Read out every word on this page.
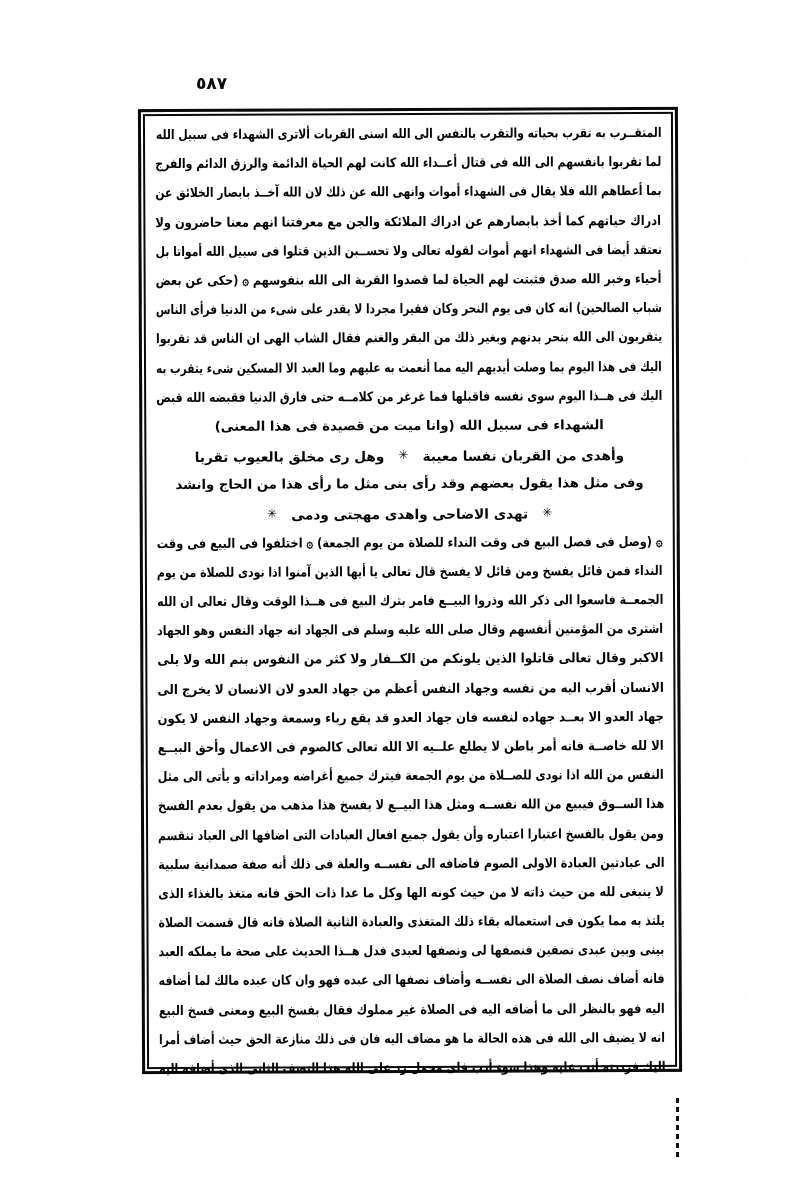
٥٨٧
المتقــرب به تقرب بحياته والتقرب بالنفس الى الله اسنى القربات ألاترى الشهداء فى سبيل الله
لما تقربوا بانفسهم الى الله فى قتال أعــداء الله كانت لهم الحياة الدائمة والرزق الدائم والفرج
بما أعطاهم الله فلا يقال فى الشهداء أموات وانهى الله عن ذلك لان الله آخــذ بابصار الخلائق عن
ادراك حياتهم كما أخذ بابصارهم عن ادراك الملائكة والجن مع معرفتنا انهم معنا حاضرون ولا
نعتقد أيضا فى الشهداء انهم أموات لقوله تعالى ولا تحســبن الذين قتلوا فى سبيل الله أمواتا بل
أحياء وخبر الله صدق فثبتت لهم الحياة لما قصدوا القربة الى الله بنفوسهم ۞ (حكى عن بعض
شباب الصالحين) انه كان فى يوم النحر وكان فقيرا مجردا لا يقدر على شىء من الدنيا فرأى الناس
يتقربون الى الله بنحر بدنهم وبغير ذلك من البقر والغنم فقال الشاب الهى ان الناس قد تقربوا
اليك فى هذا اليوم بما وصلت أيديهم اليه مما أنعمت به عليهم وما العبد الا المسكين شىء يتقرب به
اليك فى هــذا اليوم سوى نفسه فاقبلها فما غرغر من كلامــه حتى فارق الدنيا فقبضه الله قبض
الشهداء فى سبيل الله (وانا ميت من قصيدة فى هذا المعنى)
وأهدى من القربان نفسا معيبة✳وهل رى مخلق بالعيوب تقربا
وفى مثل هذا يقول بعضهم وقد رأى بنى مثل ما رأى هذا من الحاج وانشد
✳تهدى الاضاحى واهدى مهجتى ودمى✳
۞ (وصل فى فصل البيع فى وقت النداء للصلاة من يوم الجمعة) ۞ اختلفوا فى البيع فى وقت
النداء فمن قائل يفسخ ومن قائل لا يفسخ قال تعالى يا أيها الذين آمنوا اذا نودى للصلاة من يوم
الجمعــة فاسعوا الى ذكر الله وذروا البيــع فامر بترك البيع فى هــذا الوقت وقال تعالى ان الله
اشترى من المؤمنين أنفسهم وقال صلى الله عليه وسلم فى الجهاد انه جهاد النفس وهو الجهاد
الاكبر وقال تعالى قاتلوا الذين يلونكم من الكــفار ولا كثر من النفوس بنم الله ولا يلى
الانسان أقرب اليه من نفسه وجهاد النفس أعظم من جهاد العدو لان الانسان لا يخرج الى
جهاد العدو الا بعــد جهاده لنفسه فان جهاد العدو قد يقع رياء وسمعة وجهاد النفس لا يكون
الا لله خاصــة فانه أمر باطن لا يطلع علــيه الا الله تعالى كالصوم فى الاعمال وأحق البيــع
النفس من الله اذا نودى للصــلاة من يوم الجمعة فيترك جميع أغراضه ومراداته و يأتى الى مثل
هذا الســوق فيبيع من الله نفســه ومثل هذا البيــع لا يفسخ هذا مذهب من يقول بعدم الفسخ
ومن يقول بالفسخ اعتبارا اعتباره وأن يقول جميع افعال العبادات التى اضافها الى العباد تنقسم
الى عبادتين العبادة الاولى الصوم فاضافه الى نفســه والعلة فى ذلك أنه صفة صمدانية سلبية
لا ينبغى لله من حيث ذاته لا من حيث كونه الها وكل ما عدا ذات الحق فانه متغذ بالغذاء الذى
يلتذ به مما يكون فى استعماله بقاء ذلك المتغذى والعبادة الثانية الصلاة فانه قال قسمت الصلاة
بينى وبين عبدى نصفين فنصفها لى ونصفها لعبدى فدل هــذا الحديث على صحة ما يملكه العبد
فانه أضاف نصف الصلاة الى نفســه وأضاف نصفها الى عبده فهو وان كان عبده مالك لما أضافه
اليه فهو بالنظر الى ما أضافه اليه فى الصلاة غير مملوك فقال بفسخ البيع ومعنى فسخ البيع
انه لا يضيف الى الله فى هذه الحالة ما هو مضاف اليه فان فى ذلك منازعة الحق حيث أضاف أمرا
اليك فرددته أنت عليه وهذا سوء أدب فاى محمل رد على الله هذا النصف الثانى الذى أضافه اليه
